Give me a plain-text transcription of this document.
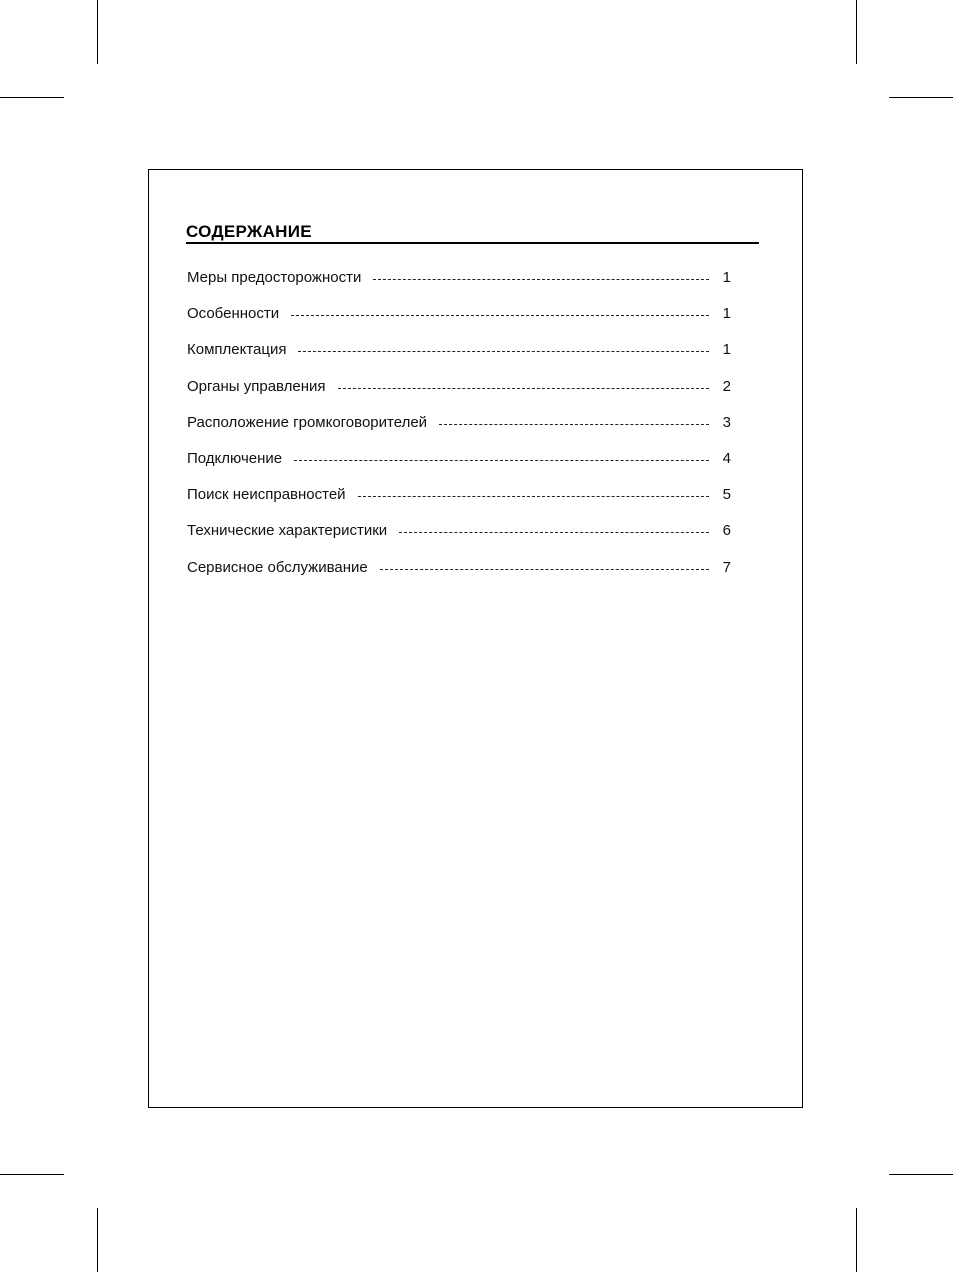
СОДЕРЖАНИЕ
Меры предосторожности	1
Особенности	1
Комплектация	1
Органы управления	2
Расположение громкоговорителей	3
Подключение	4
Поиск неисправностей	5
Технические характеристики	6
Сервисное обслуживание	7
